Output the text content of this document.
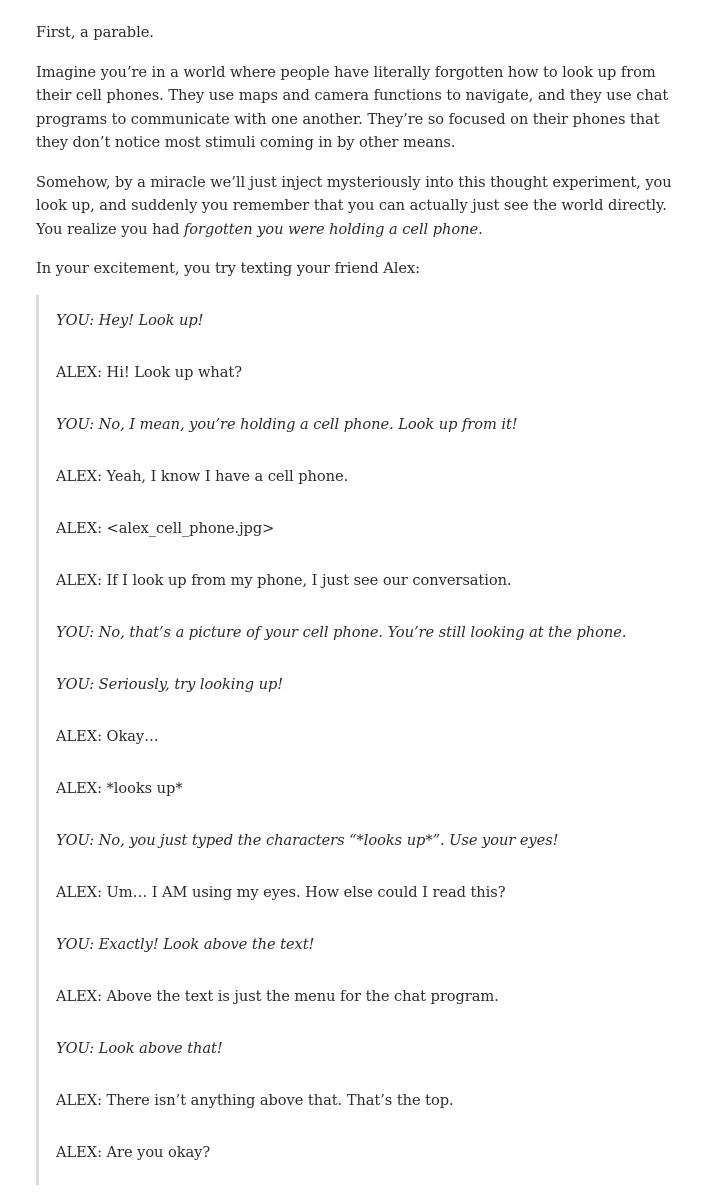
First, a parable.

Imagine you’re in a world where people have literally forgotten how to look up from their cell phones. They use maps and camera functions to navigate, and they use chat programs to communicate with one another. They’re so focused on their phones that they don’t notice most stimuli coming in by other means.

Somehow, by a miracle we’ll just inject mysteriously into this thought experiment, you look up, and suddenly you remember that you can actually just see the world directly. You realize you had forgotten you were holding a cell phone.

In your excitement, you try texting your friend Alex:

YOU: Hey! Look up!
ALEX: Hi! Look up what?
YOU: No, I mean, you’re holding a cell phone. Look up from it!
ALEX: Yeah, I know I have a cell phone.
ALEX: <alex_cell_phone.jpg>
ALEX: If I look up from my phone, I just see our conversation.
YOU: No, that’s a picture of your cell phone. You’re still looking at the phone.
YOU: Seriously, try looking up!
ALEX: Okay…
ALEX: *looks up*
YOU: No, you just typed the characters “*looks up*”. Use your eyes!
ALEX: Um… I AM using my eyes. How else could I read this?
YOU: Exactly! Look above the text!
ALEX: Above the text is just the menu for the chat program.
YOU: Look above that!
ALEX: There isn’t anything above that. That’s the top.
ALEX: Are you okay?
